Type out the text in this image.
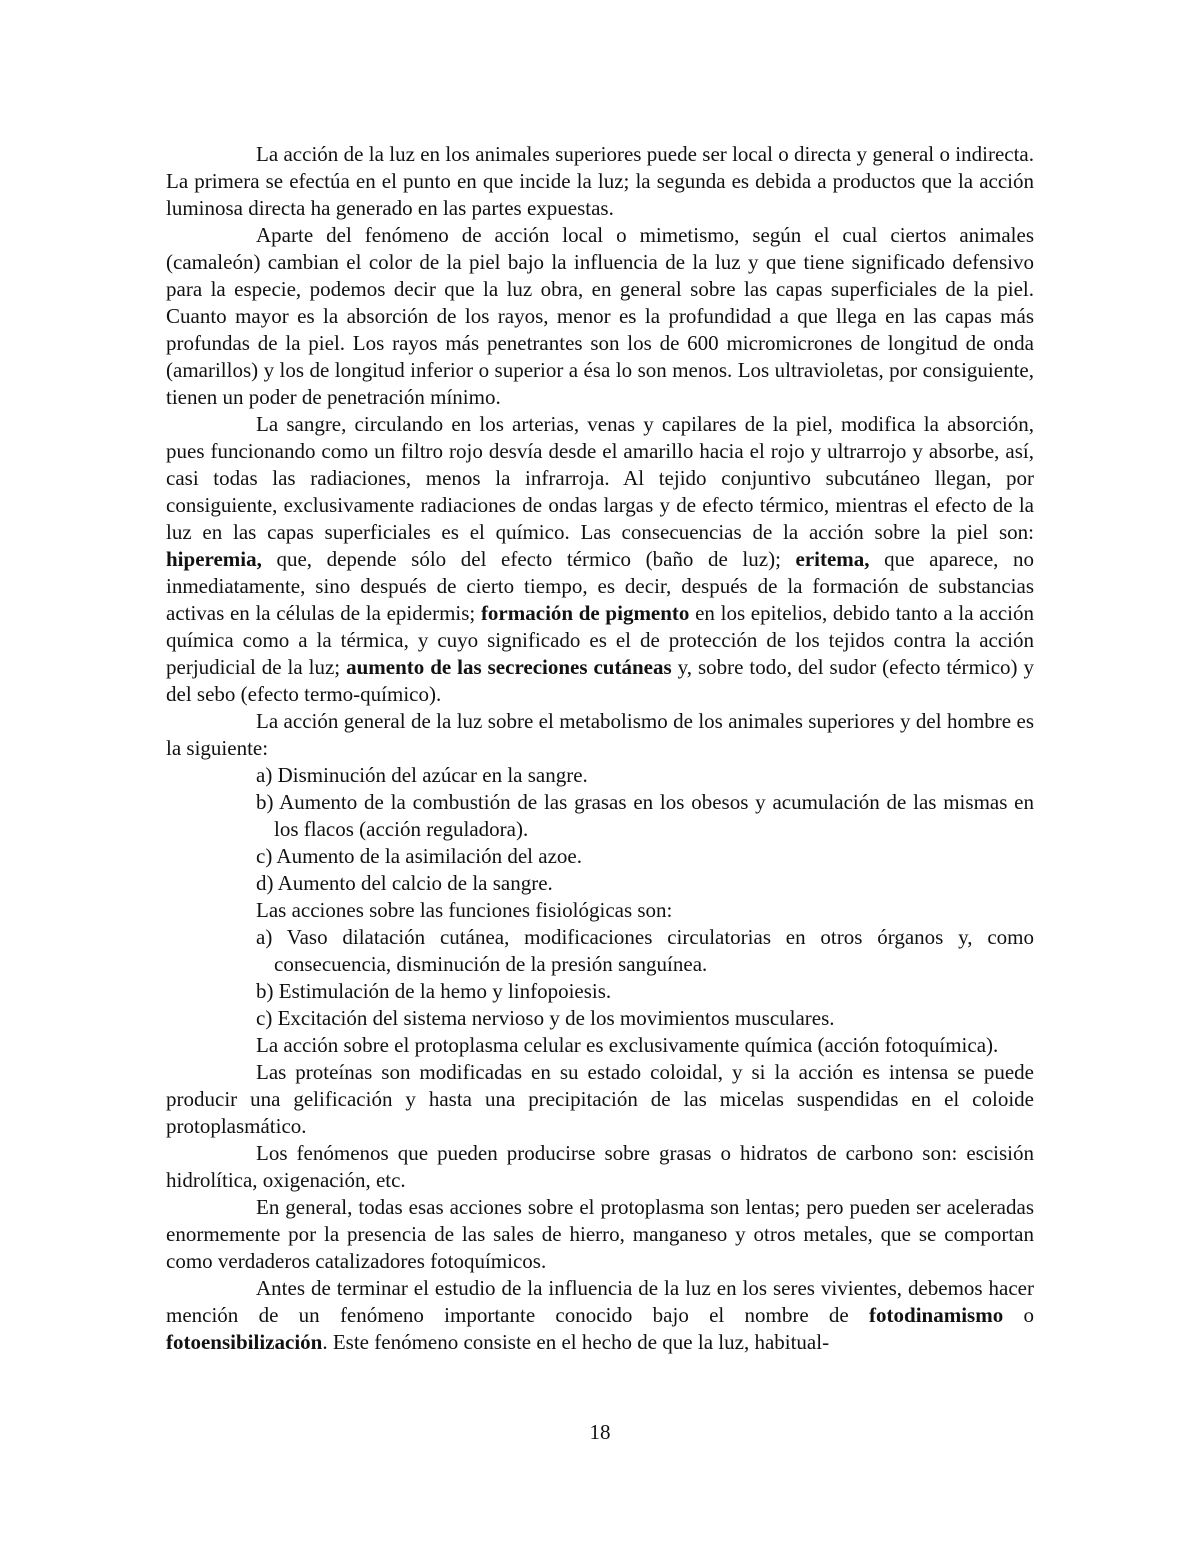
La acción de la luz en los animales superiores puede ser local o directa y general o indirecta. La primera se efectúa en el punto en que incide la luz; la segunda es debida a productos que la acción luminosa directa ha generado en las partes expuestas.

Aparte del fenómeno de acción local o mimetismo, según el cual ciertos animales (camaleón) cambian el color de la piel bajo la influencia de la luz y que tiene significado defensivo para la especie, podemos decir que la luz obra, en general sobre las capas superficiales de la piel. Cuanto mayor es la absorción de los rayos, menor es la profundidad a que llega en las capas más profundas de la piel. Los rayos más penetrantes son los de 600 micromicrones de longitud de onda (amarillos) y los de longitud inferior o superior a ésa lo son menos. Los ultravioletas, por consiguiente, tienen un poder de penetración mínimo.

La sangre, circulando en los arterias, venas y capilares de la piel, modifica la absorción, pues funcionando como un filtro rojo desvía desde el amarillo hacia el rojo y ultrarrojo y absorbe, así, casi todas las radiaciones, menos la infrarroja. Al tejido conjuntivo subcutáneo llegan, por consiguiente, exclusivamente radiaciones de ondas largas y de efecto térmico, mientras el efecto de la luz en las capas superficiales es el químico. Las consecuencias de la acción sobre la piel son: hiperemia, que, depende sólo del efecto térmico (baño de luz); eritema, que aparece, no inmediatamente, sino después de cierto tiempo, es decir, después de la formación de substancias activas en la células de la epidermis; formación de pigmento en los epitelios, debido tanto a la acción química como a la térmica, y cuyo significado es el de protección de los tejidos contra la acción perjudicial de la luz; aumento de las secreciones cutáneas y, sobre todo, del sudor (efecto térmico) y del sebo (efecto termo-químico).

La acción general de la luz sobre el metabolismo de los animales superiores y del hombre es la siguiente:

a) Disminución del azúcar en la sangre.

b) Aumento de la combustión de las grasas en los obesos y acumulación de las mismas en los flacos (acción reguladora).

c) Aumento de la asimilación del azoe.

d) Aumento del calcio de la sangre.

Las acciones sobre las funciones fisiológicas son:

a) Vaso dilatación cutánea, modificaciones circulatorias en otros órganos y, como consecuencia, disminución de la presión sanguínea.

b) Estimulación de la hemo y linfopoiesis.

c) Excitación del sistema nervioso y de los movimientos musculares.

La acción sobre el protoplasma celular es exclusivamente química (acción fotoquímica).

Las proteínas son modificadas en su estado coloidal, y si la acción es intensa se puede producir una gelificación y hasta una precipitación de las micelas suspendidas en el coloide protoplasmático.

Los fenómenos que pueden producirse sobre grasas o hidratos de carbono son: escisión hidrolítica, oxigenación, etc.

En general, todas esas acciones sobre el protoplasma son lentas; pero pueden ser aceleradas enormemente por la presencia de las sales de hierro, manganeso y otros metales, que se comportan como verdaderos catalizadores fotoquímicos.

Antes de terminar el estudio de la influencia de la luz en los seres vivientes, debemos hacer mención de un fenómeno importante conocido bajo el nombre de fotodinamismo o fotoensibilización. Este fenómeno consiste en el hecho de que la luz, habitual-

18
